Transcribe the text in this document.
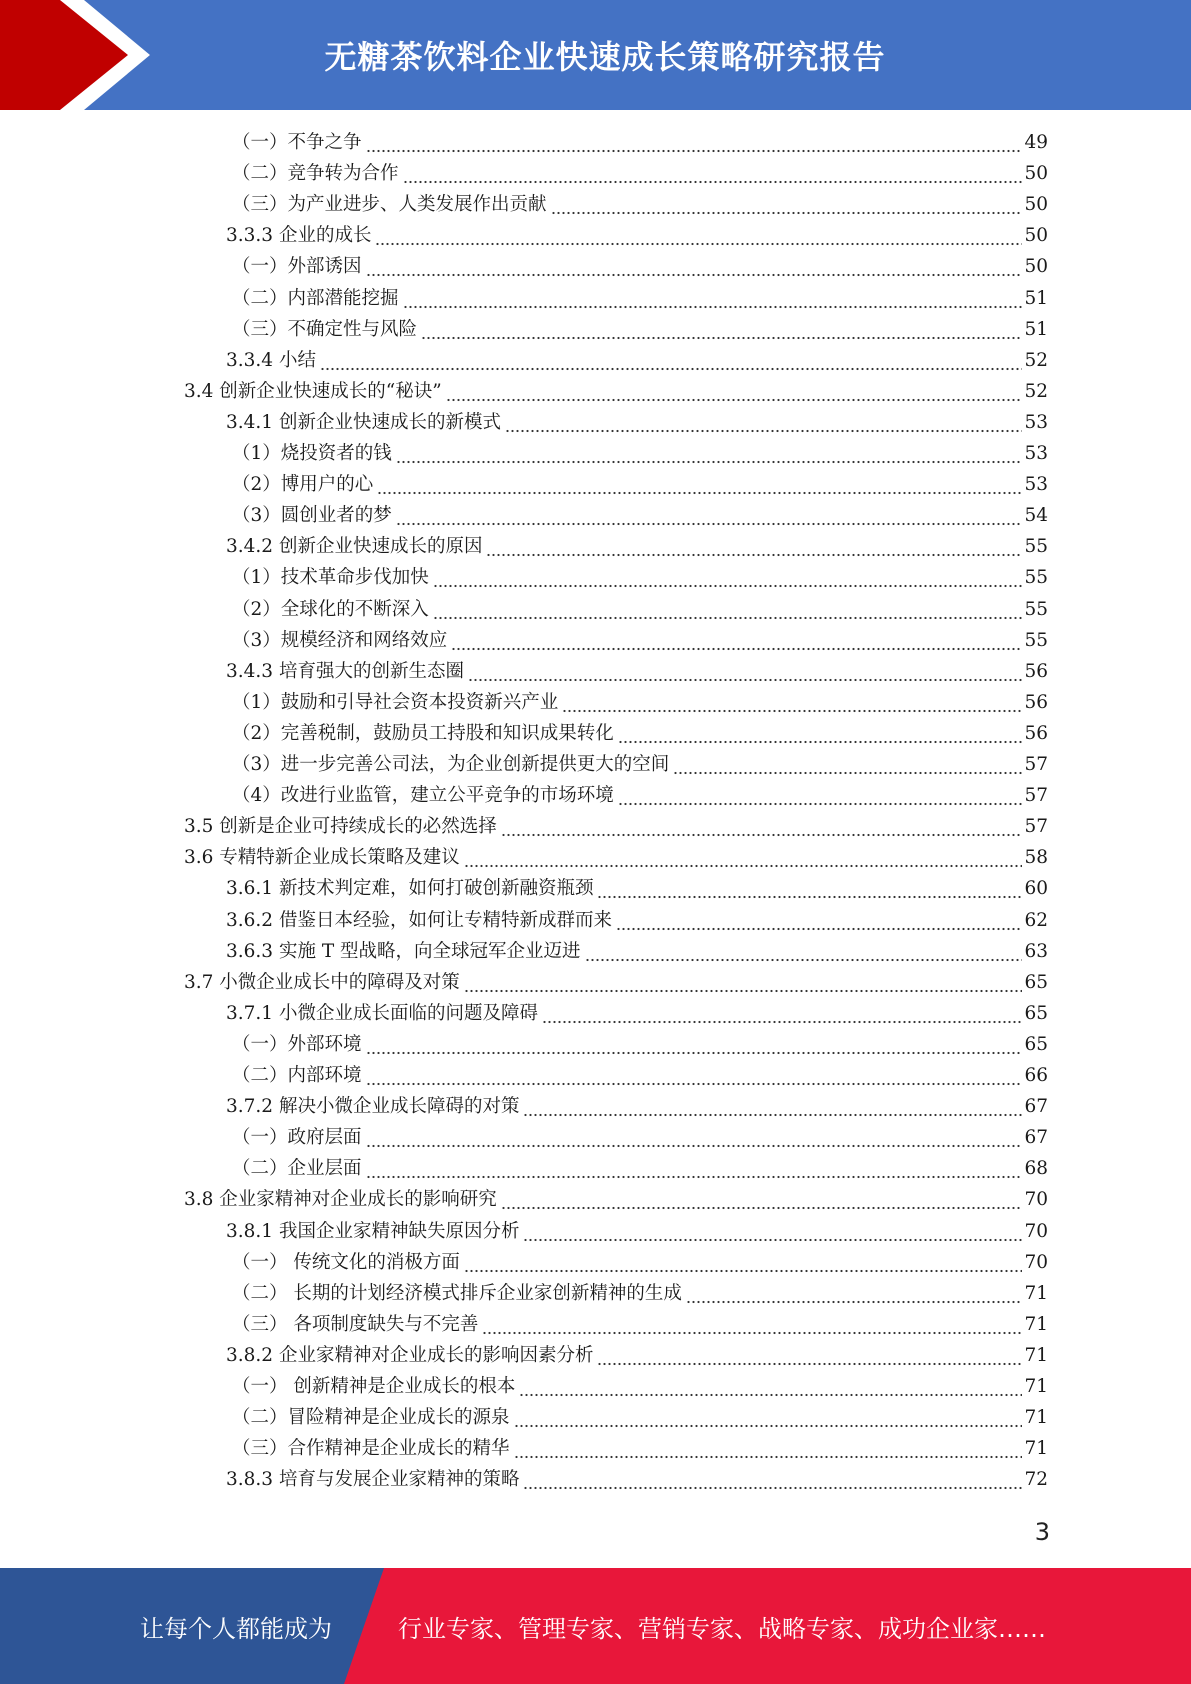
无糖茶饮料企业快速成长策略研究报告
（一）不争之争	49
（二）竞争转为合作	50
（三）为产业进步、人类发展作出贡献	50
3.3.3 企业的成长	50
（一）外部诱因	50
（二）内部潜能挖掘	51
（三）不确定性与风险	51
3.3.4 小结	52
3.4 创新企业快速成长的“秘诀”	52
3.4.1 创新企业快速成长的新模式	53
（1）烧投资者的钱	53
（2）博用户的心	53
（3）圆创业者的梦	54
3.4.2 创新企业快速成长的原因	55
（1）技术革命步伐加快	55
（2）全球化的不断深入	55
（3）规模经济和网络效应	55
3.4.3 培育强大的创新生态圈	56
（1）鼓励和引导社会资本投资新兴产业	56
（2）完善税制，鼓励员工持股和知识成果转化	56
（3）进一步完善公司法，为企业创新提供更大的空间	57
（4）改进行业监管，建立公平竞争的市场环境	57
3.5 创新是企业可持续成长的必然选择	57
3.6 专精特新企业成长策略及建议	58
3.6.1 新技术判定难，如何打破创新融资瓶颈	60
3.6.2 借鉴日本经验，如何让专精特新成群而来	62
3.6.3 实施 T 型战略，向全球冠军企业迈进	63
3.7 小微企业成长中的障碍及对策	65
3.7.1 小微企业成长面临的问题及障碍	65
（一）外部环境	65
（二）内部环境	66
3.7.2 解决小微企业成长障碍的对策	67
（一）政府层面	67
（二）企业层面	68
3.8 企业家精神对企业成长的影响研究	70
3.8.1 我国企业家精神缺失原因分析	70
（一） 传统文化的消极方面	70
（二） 长期的计划经济模式排斥企业家创新精神的生成	71
（三） 各项制度缺失与不完善	71
3.8.2 企业家精神对企业成长的影响因素分析	71
（一） 创新精神是企业成长的根本	71
（二）冒险精神是企业成长的源泉	71
（三）合作精神是企业成长的精华	71
3.8.3 培育与发展企业家精神的策略	72
3
让每个人都能成为	行业专家、管理专家、营销专家、战略专家、成功企业家……
